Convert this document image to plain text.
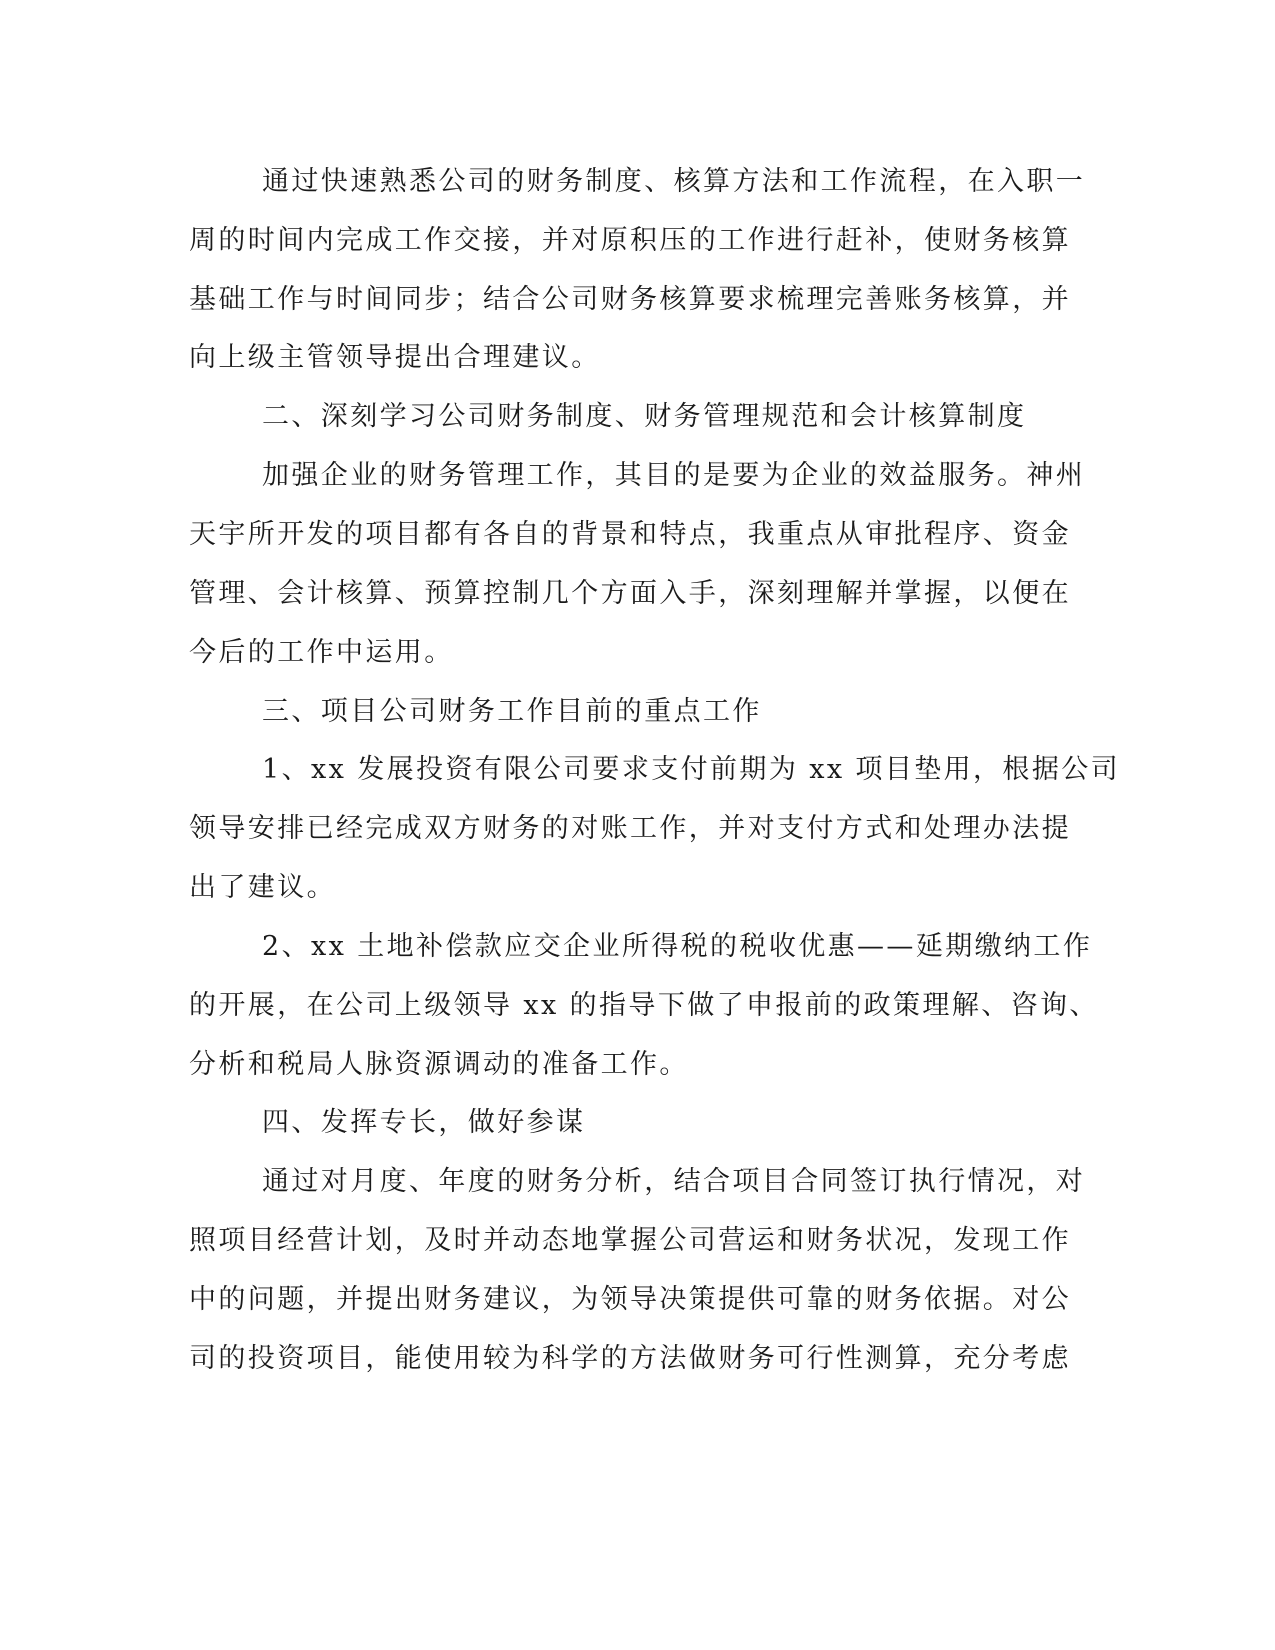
通过快速熟悉公司的财务制度、核算方法和工作流程，在入职一
周的时间内完成工作交接，并对原积压的工作进行赶补，使财务核算
基础工作与时间同步；结合公司财务核算要求梳理完善账务核算，并
向上级主管领导提出合理建议。
二、深刻学习公司财务制度、财务管理规范和会计核算制度
加强企业的财务管理工作，其目的是要为企业的效益服务。神州
天宇所开发的项目都有各自的背景和特点，我重点从审批程序、资金
管理、会计核算、预算控制几个方面入手，深刻理解并掌握，以便在
今后的工作中运用。
三、项目公司财务工作目前的重点工作
1、xx 发展投资有限公司要求支付前期为 xx 项目垫用，根据公司
领导安排已经完成双方财务的对账工作，并对支付方式和处理办法提
出了建议。
2、xx 土地补偿款应交企业所得税的税收优惠——延期缴纳工作
的开展，在公司上级领导 xx 的指导下做了申报前的政策理解、咨询、
分析和税局人脉资源调动的准备工作。
四、发挥专长，做好参谋
通过对月度、年度的财务分析，结合项目合同签订执行情况，对
照项目经营计划，及时并动态地掌握公司营运和财务状况，发现工作
中的问题，并提出财务建议，为领导决策提供可靠的财务依据。对公
司的投资项目，能使用较为科学的方法做财务可行性测算，充分考虑
